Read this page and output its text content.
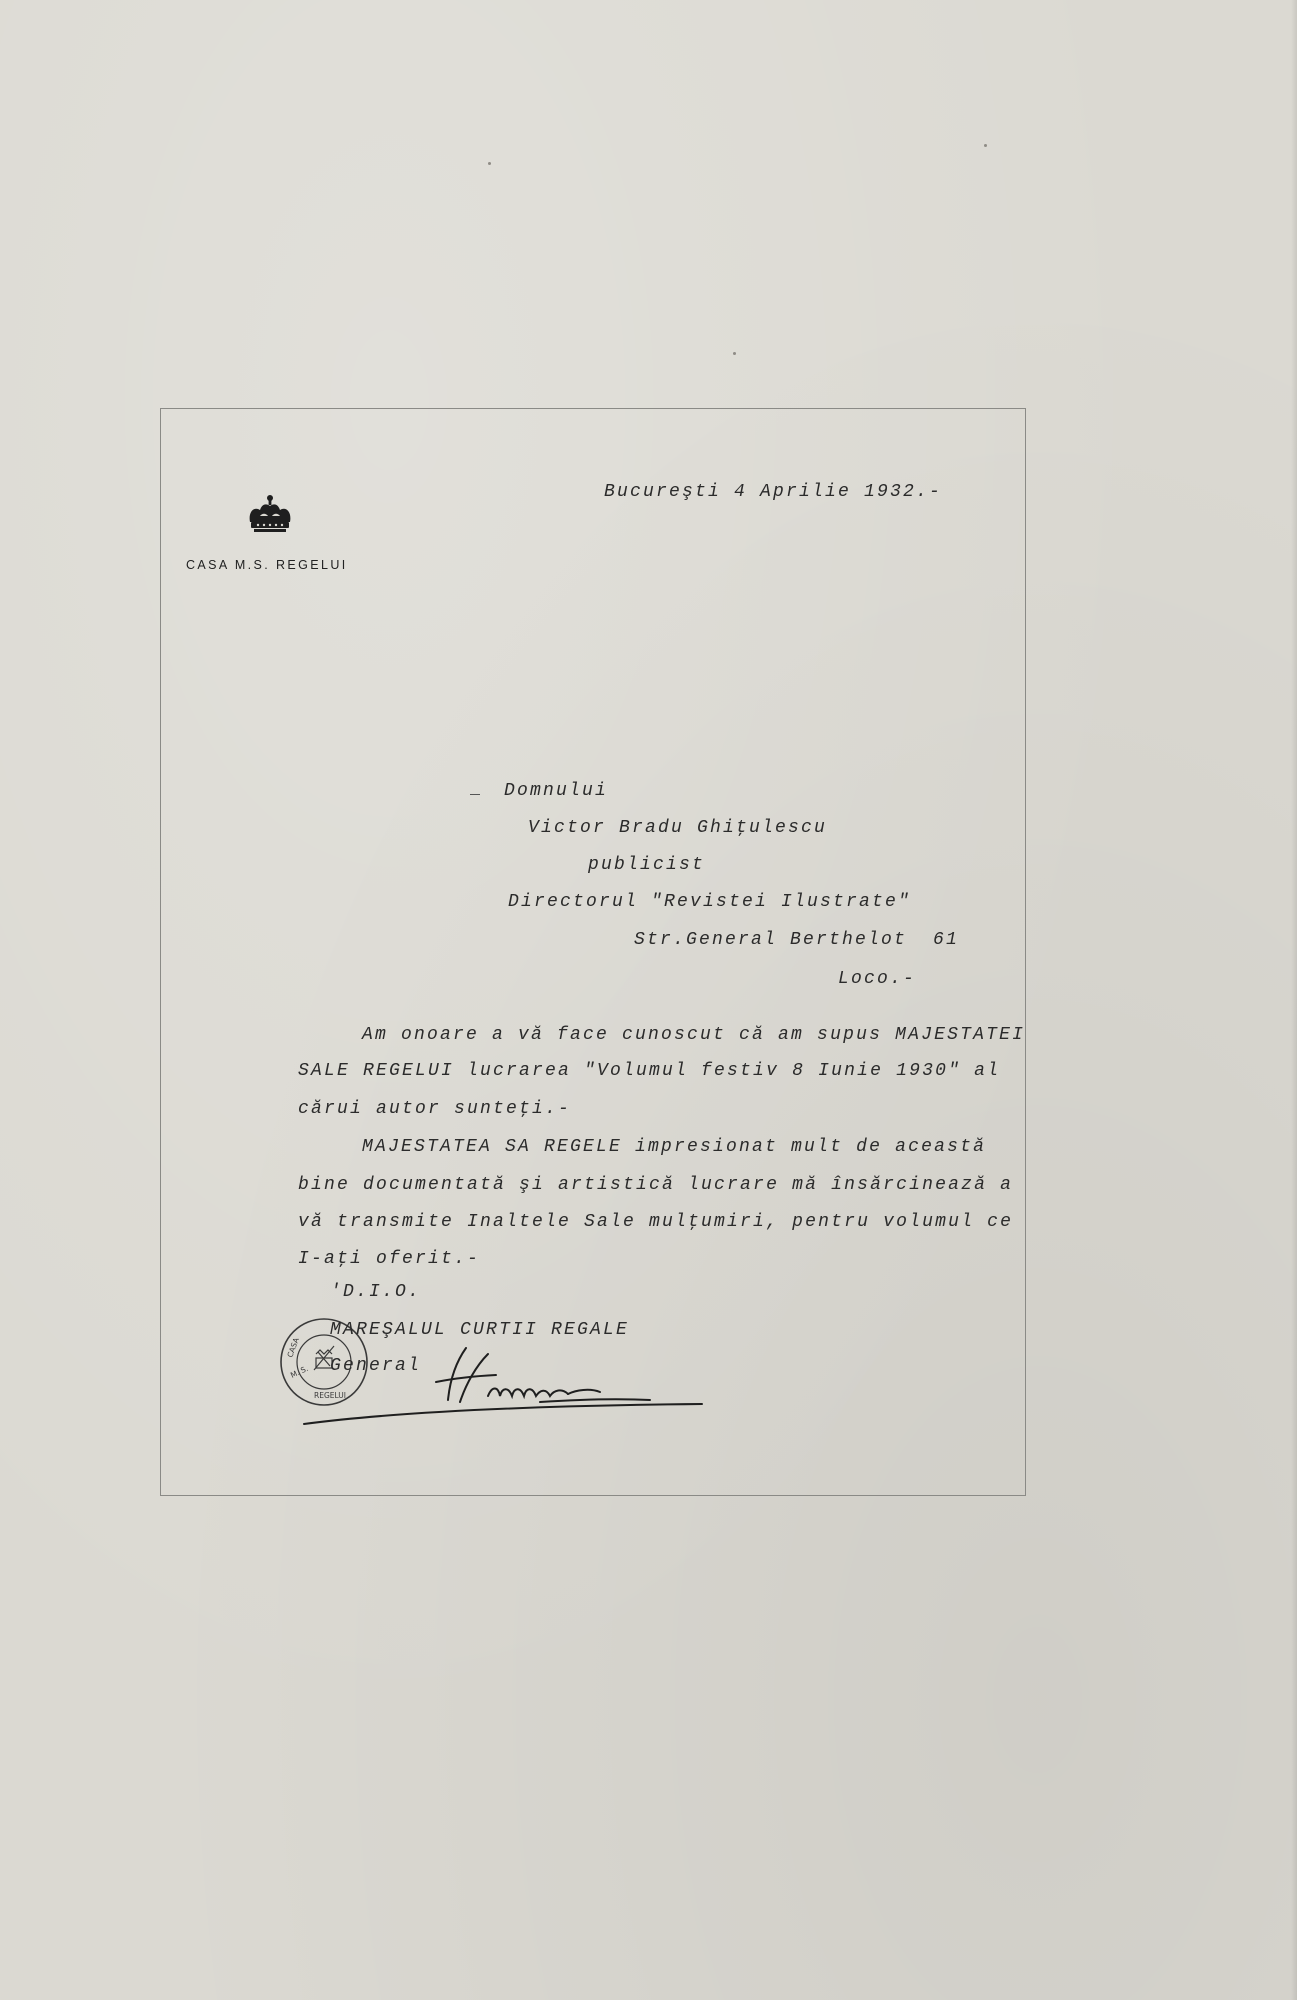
CASA M.S. REGELUI
Bucureşti 4 Aprilie 1932.-
Domnului
Victor Bradu Ghiţulescu
publicist
Directorul "Revistei Ilustrate"
Str.General Berthelot  61
Loco.-
Am onoare a vă face cunoscut că am supus MAJESTATEI
SALE REGELUI lucrarea "Volumul festiv 8 Iunie 1930" al
cărui autor sunteţi.-
MAJESTATEA SA REGELE impresionat mult de această
bine documentată şi artistică lucrare mă însărcinează a
vă transmite Inaltele Sale mulţumiri, pentru volumul ce
I-aţi oferit.-
'D.I.O.
CASA
M. S.
REGELUI
MAREŞALUL CURTII REGALE
General
